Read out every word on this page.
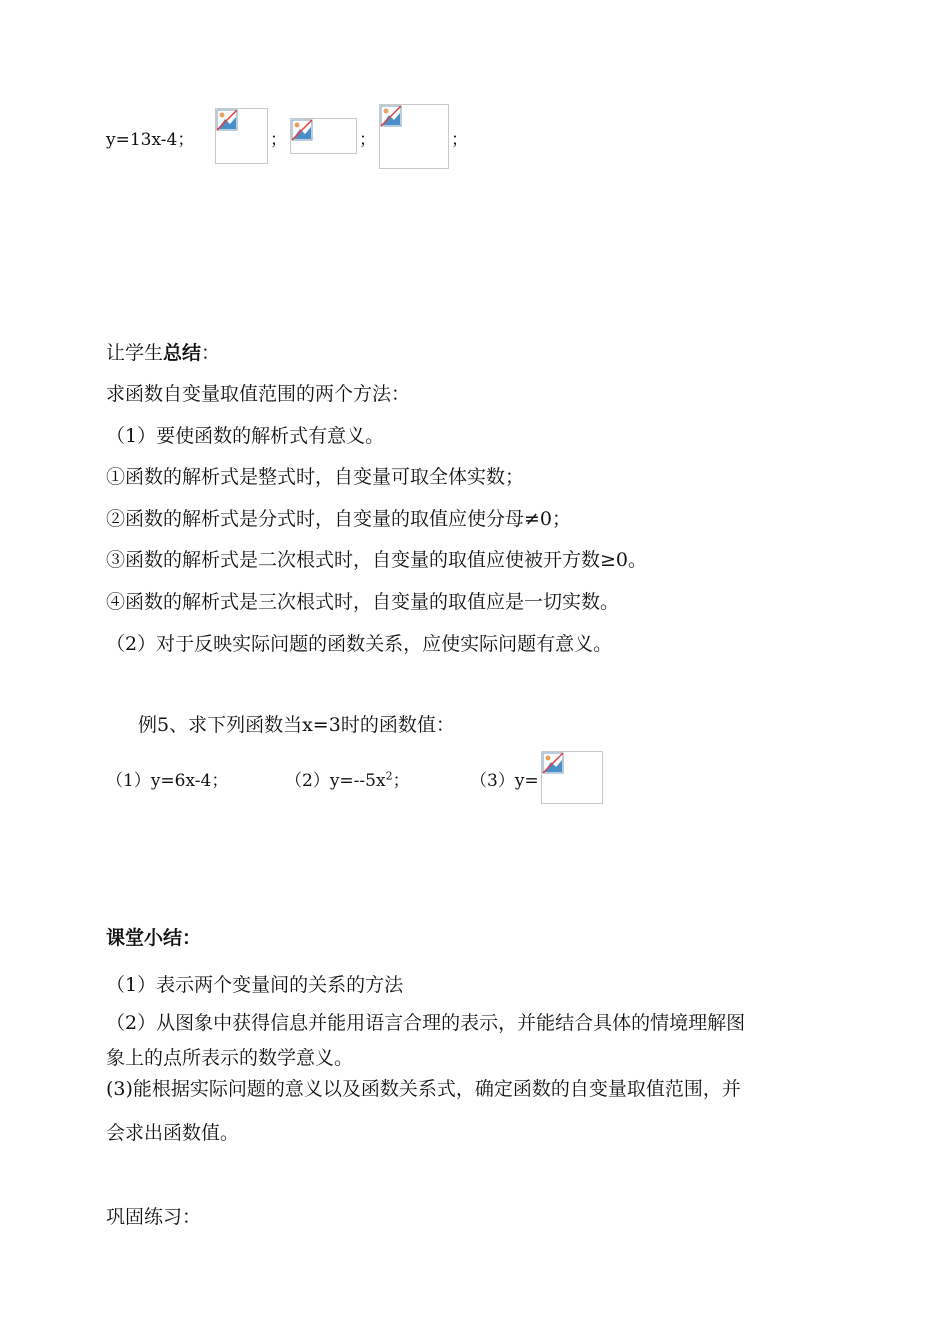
y=13x-4；	；	；	；
让学生总结：
求函数自变量取值范围的两个方法：
（1）要使函数的解析式有意义。
①函数的解析式是整式时，自变量可取全体实数；
②函数的解析式是分式时，自变量的取值应使分母≠0；
③函数的解析式是二次根式时，自变量的取值应使被开方数≥0。
④函数的解析式是三次根式时，自变量的取值应是一切实数。
（2）对于反映实际问题的函数关系，应使实际问题有意义。
例5、求下列函数当x=3时的函数值：
（1）y=6x-4；	$(2)y=--5x^2$；	（3）y=
课堂小结：
（1）表示两个变量间的关系的方法
（2）从图象中获得信息并能用语言合理的表示，并能结合具体的情境理解图
象上的点所表示的数学意义。
(3)能根据实际问题的意义以及函数关系式，确定函数的自变量取值范围，并
会求出函数值。
巩固练习：
